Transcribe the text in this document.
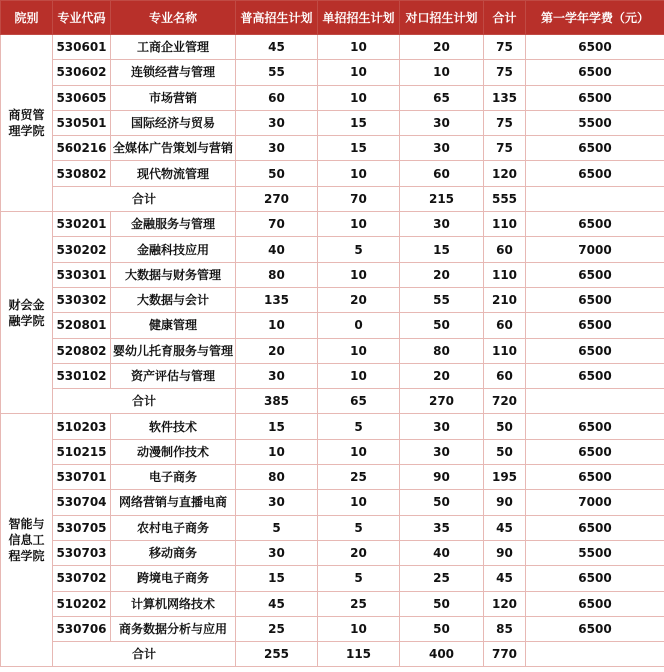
院别	专业代码	专业名称	普高招生计划	单招招生计划	对口招生计划	合计	第一学年学费（元）
商贸管理学院	530601	工商企业管理	45	10	20	75	6500
	530602	连锁经营与管理	55	10	10	75	6500
	530605	市场营销	60	10	65	135	6500
	530501	国际经济与贸易	30	15	30	75	5500
	560216	全媒体广告策划与营销	30	15	30	75	6500
	530802	现代物流管理	50	10	60	120	6500
	合计		270	70	215	555	
财会金融学院	530201	金融服务与管理	70	10	30	110	6500
	530202	金融科技应用	40	5	15	60	7000
	530301	大数据与财务管理	80	10	20	110	6500
	530302	大数据与会计	135	20	55	210	6500
	520801	健康管理	10	0	50	60	6500
	520802	婴幼儿托育服务与管理	20	10	80	110	6500
	530102	资产评估与管理	30	10	20	60	6500
	合计		385	65	270	720	
智能与信息工程学院	510203	软件技术	15	5	30	50	6500
	510215	动漫制作技术	10	10	30	50	6500
	530701	电子商务	80	25	90	195	6500
	530704	网络营销与直播电商	30	10	50	90	7000
	530705	农村电子商务	5	5	35	45	6500
	530703	移动商务	30	20	40	90	5500
	530702	跨境电子商务	15	5	25	45	6500
	510202	计算机网络技术	45	25	50	120	6500
	530706	商务数据分析与应用	25	10	50	85	6500
	合计		255	115	400	770	
